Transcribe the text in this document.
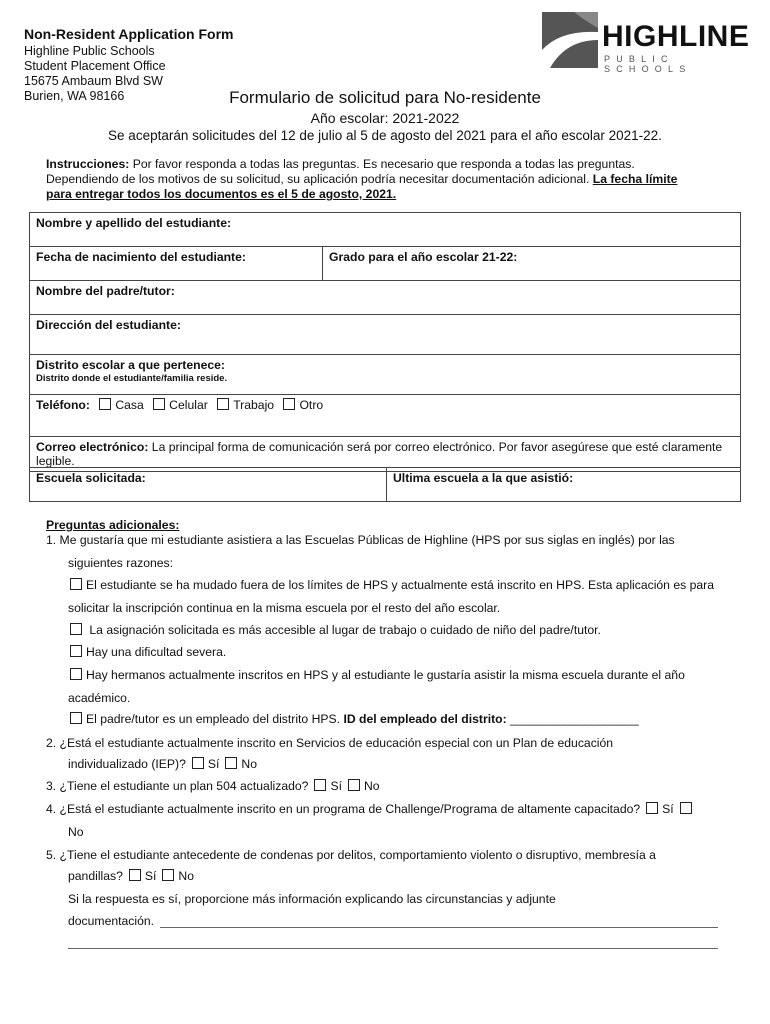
Non-Resident Application Form
Highline Public Schools
Student Placement Office
15675 Ambaum Blvd SW
Burien, WA 98166
HIGHLINE
PUBLIC SCHOOLS
Formulario de solicitud para No-residente
Año escolar: 2021-2022
Se aceptarán solicitudes del 12 de julio al 5 de agosto del 2021 para el año escolar 2021-22.
Instrucciones: Por favor responda a todas las preguntas. Es necesario que responda a todas las preguntas. Dependiendo de los motivos de su solicitud, su aplicación podría necesitar documentación adicional. La fecha límite para entregar todos los documentos es el 5 de agosto, 2021.
Nombre y apellido del estudiante:
Fecha de nacimiento del estudiante:	Grado para el año escolar 21-22:
Nombre del padre/tutor:
Dirección del estudiante:
Distrito escolar a que pertenece:
Distrito donde el estudiante/familia reside.

Teléfono: Casa Celular Trabajo Otro
Correo electrónico: La principal forma de comunicación será por correo electrónico. Por favor asegúrese que esté claramente legible.
Escuela solicitada:	Ultima escuela a la que asistió:
Preguntas adicionales:
1. Me gustaría que mi estudiante asistiera a las Escuelas Públicas de Highline (HPS por sus siglas en inglés) por las
siguientes razones:
El estudiante se ha mudado fuera de los límites de HPS y actualmente está inscrito en HPS. Esta aplicación es para
solicitar la inscripción continua en la misma escuela por el resto del año escolar.
La asignación solicitada es más accesible al lugar de trabajo o cuidado de niño del padre/tutor.
Hay una dificultad severa.
Hay hermanos actualmente inscritos en HPS y al estudiante le gustaría asistir la misma escuela durante el año
académico.
El padre/tutor es un empleado del distrito HPS. ID del empleado del distrito: ___________________
2. ¿Está el estudiante actualmente inscrito en Servicios de educación especial con un Plan de educación
individualizado (IEP)? Sí No
3. ¿Tiene el estudiante un plan 504 actualizado? Sí No
4. ¿Está el estudiante actualmente inscrito en un programa de Challenge/Programa de altamente capacitado? Sí
No
5. ¿Tiene el estudiante antecedente de condenas por delitos, comportamiento violento o disruptivo, membresía a
pandillas? Sí No
Si la respuesta es sí, proporcione más información explicando las circunstancias y adjunte
documentación.
